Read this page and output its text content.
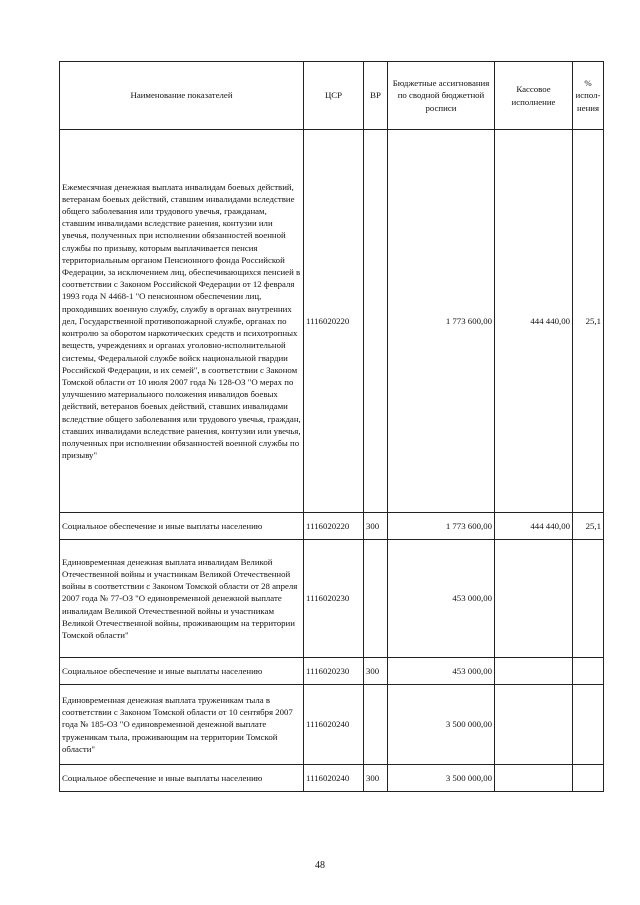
Наименование показателей	ЦСР	ВР	Бюджетные ассигнования по сводной бюджетной росписи	Кассовое исполнение	% испол-нения
Ежемесячная денежная выплата инвалидам боевых действий, ветеранам боевых действий, ставшим инвалидами вследствие общего заболевания или трудового увечья, гражданам, ставшим инвалидами вследствие ранения, контузии или увечья, полученных при исполнении обязанностей военной службы по призыву, которым выплачивается пенсия территориальным органом Пенсионного фонда Российской Федерации, за исключением лиц, обеспечивающихся пенсией в соответствии с Законом Российской Федерации от 12 февраля 1993 года N 4468-1 "О пенсионном обеспечении лиц, проходивших военную службу, службу в органах внутренних дел, Государственной противопожарной службе, органах по контролю за оборотом наркотических средств и психотропных веществ, учреждениях и органах уголовно-исполнительной системы, Федеральной службе войск национальной гвардии Российской Федерации, и их семей", в соответствии с Законом Томской области от 10 июля 2007 года № 128-ОЗ "О мерах по улучшению материального положения инвалидов боевых действий, ветеранов боевых действий, ставших инвалидами вследствие общего заболевания или трудового увечья, граждан, ставших инвалидами вследствие ранения, контузии или увечья, полученных при исполнении обязанностей военной службы по призыву"	1116020220		1 773 600,00	444 440,00	25,1
Социальное обеспечение и иные выплаты населению	1116020220	300	1 773 600,00	444 440,00	25,1
Единовременная денежная выплата инвалидам Великой Отечественной войны и участникам Великой Отечественной войны в соответствии с Законом Томской области от 28 апреля 2007 года № 77-ОЗ "О единовременной денежной выплате инвалидам Великой Отечественной войны и участникам Великой Отечественной войны, проживающим на территории Томской области"	1116020230		453 000,00		
Социальное обеспечение и иные выплаты населению	1116020230	300	453 000,00		
Единовременная денежная выплата труженикам тыла в соответствии с Законом Томской области от 10 сентября 2007 года № 185-ОЗ "О единовременной денежной выплате труженикам тыла, проживающим на территории Томской области"	1116020240		3 500 000,00		
Социальное обеспечение и иные выплаты населению	1116020240	300	3 500 000,00		
48
